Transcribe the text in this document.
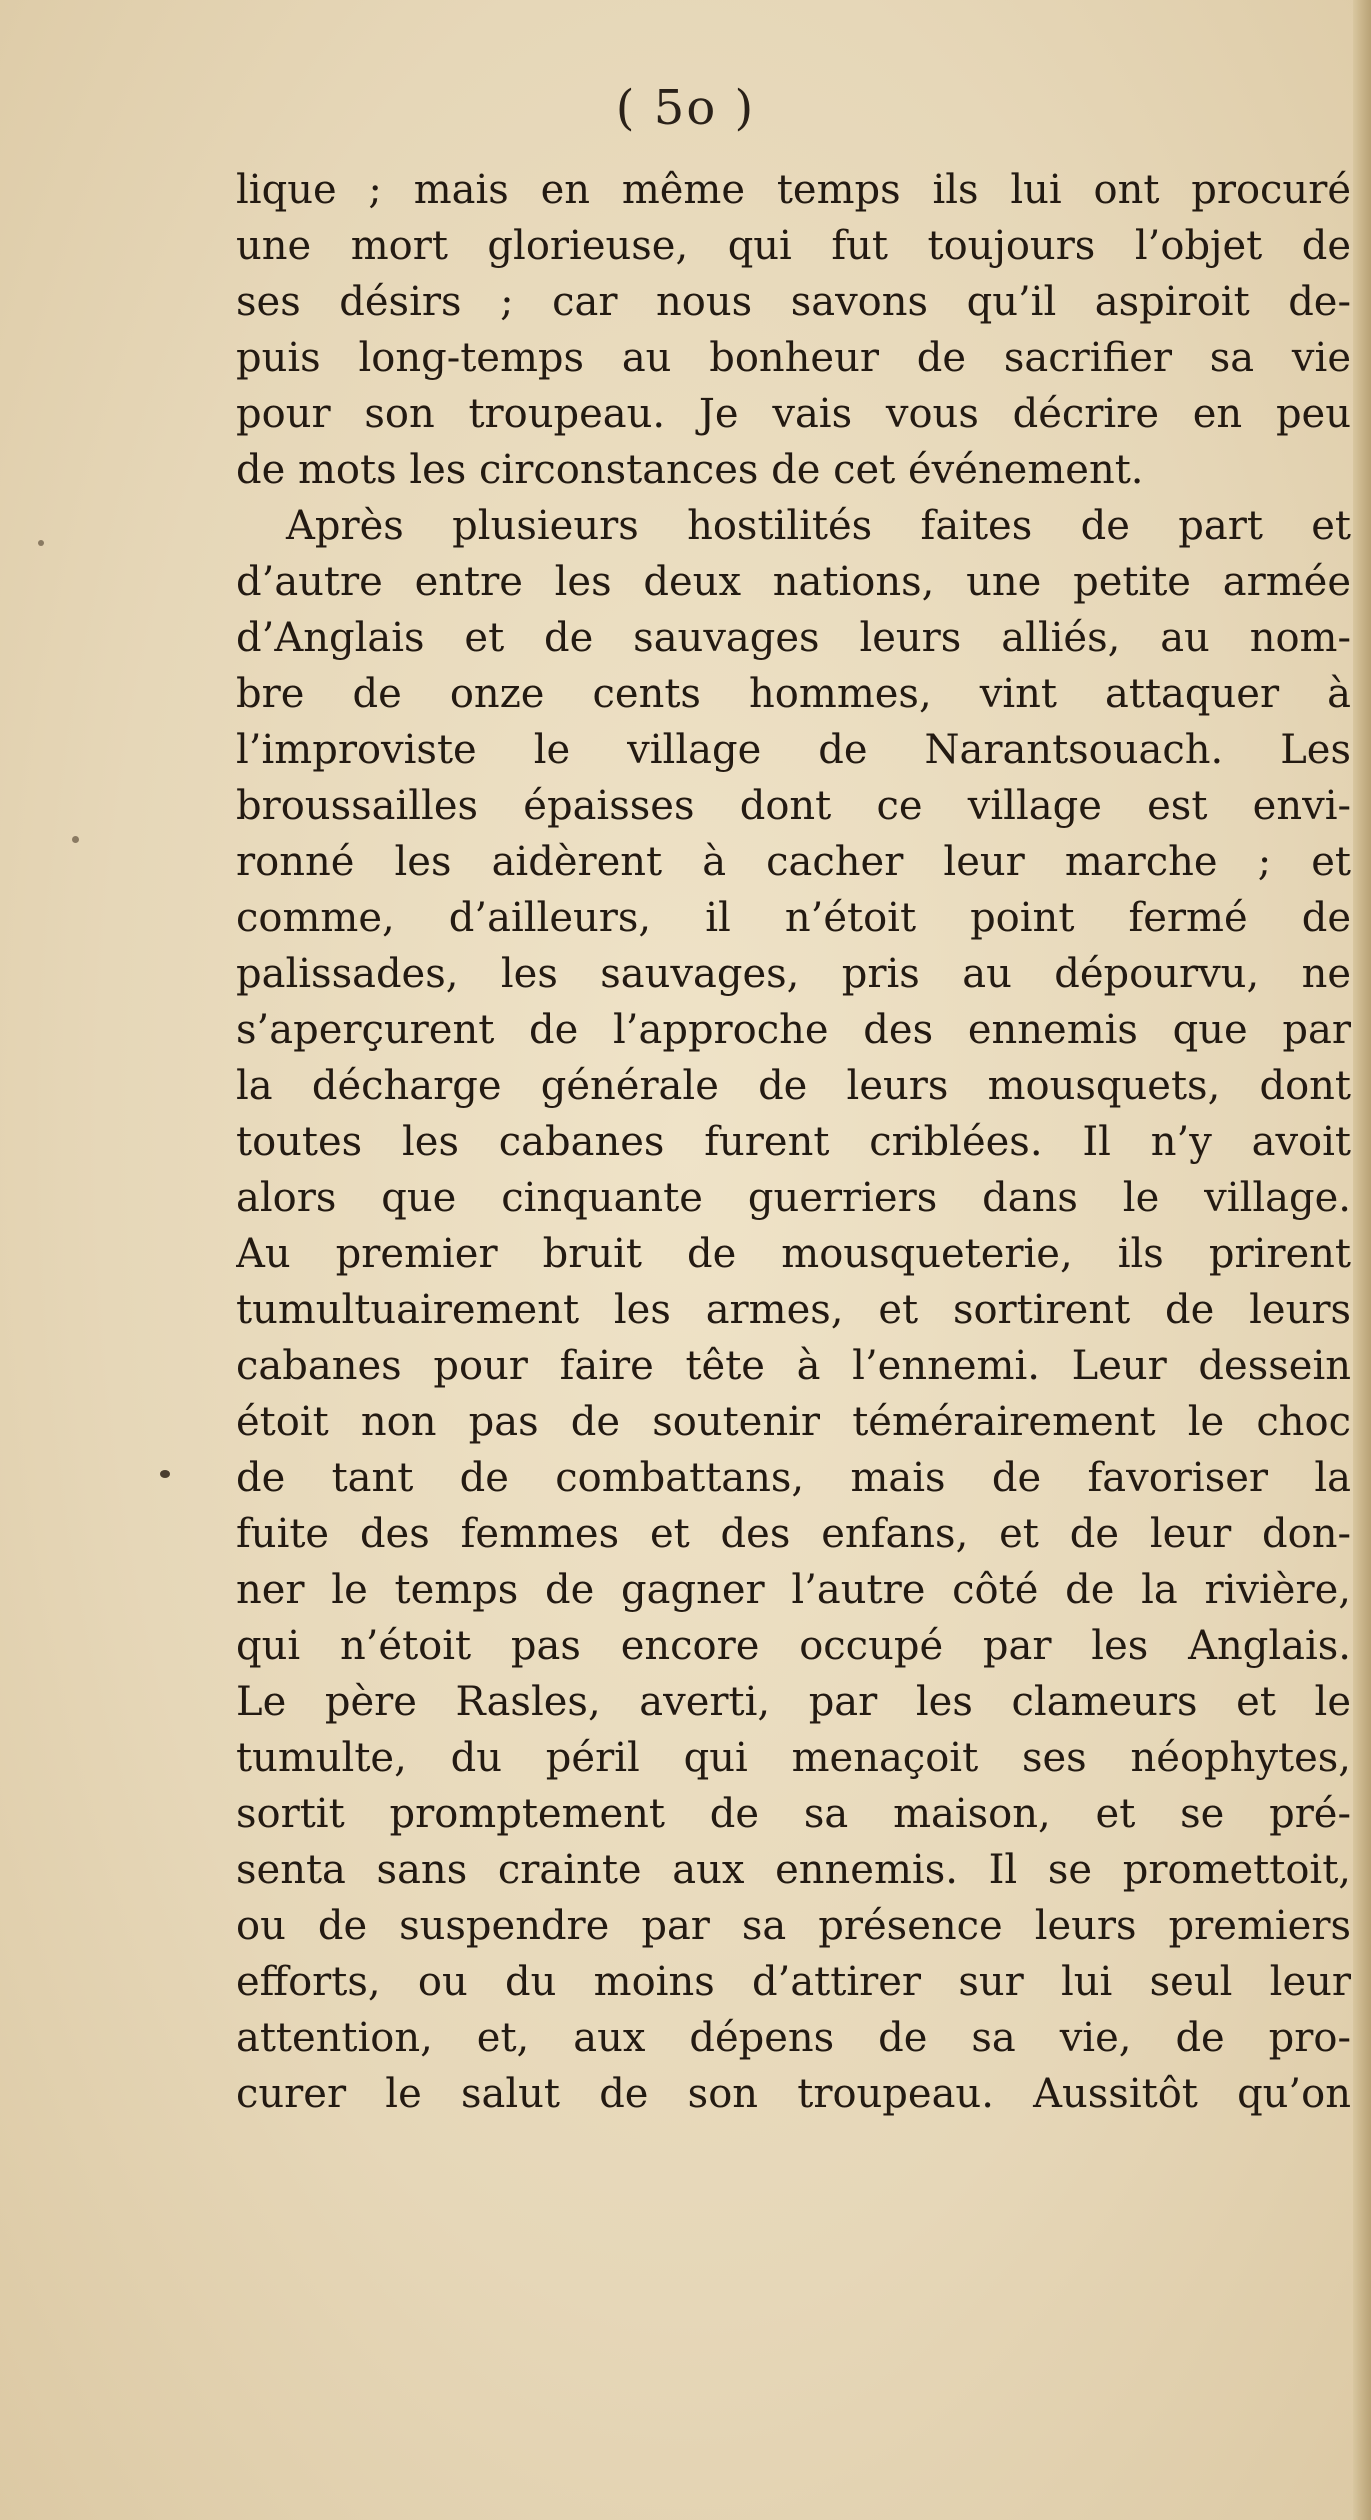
( 5o )
lique ; mais en même temps ils lui ont procuré
une mort glorieuse, qui fut toujours l’objet de
ses désirs ; car nous savons qu’il aspiroit de-
puis long-temps au bonheur de sacrifier sa vie
pour son troupeau. Je vais vous décrire en peu
de mots les circonstances de cet événement.
Après plusieurs hostilités faites de part et
d’autre entre les deux nations, une petite armée
d’Anglais et de sauvages leurs alliés, au nom-
bre de onze cents hommes, vint attaquer à
l’improviste le village de Narantsouach. Les
broussailles épaisses dont ce village est envi-
ronné les aidèrent à cacher leur marche ; et
comme, d’ailleurs, il n’étoit point fermé de
palissades, les sauvages, pris au dépourvu, ne
s’aperçurent de l’approche des ennemis que par
la décharge générale de leurs mousquets, dont
toutes les cabanes furent criblées. Il n’y avoit
alors que cinquante guerriers dans le village.
Au premier bruit de mousqueterie, ils prirent
tumultuairement les armes, et sortirent de leurs
cabanes pour faire tête à l’ennemi. Leur dessein
étoit non pas de soutenir témérairement le choc
de tant de combattans, mais de favoriser la
fuite des femmes et des enfans, et de leur don-
ner le temps de gagner l’autre côté de la rivière,
qui n’étoit pas encore occupé par les Anglais.
Le père Rasles, averti, par les clameurs et le
tumulte, du péril qui menaçoit ses néophytes,
sortit promptement de sa maison, et se pré-
senta sans crainte aux ennemis. Il se promettoit,
ou de suspendre par sa présence leurs premiers
efforts, ou du moins d’attirer sur lui seul leur
attention, et, aux dépens de sa vie, de pro-
curer le salut de son troupeau. Aussitôt qu’on
